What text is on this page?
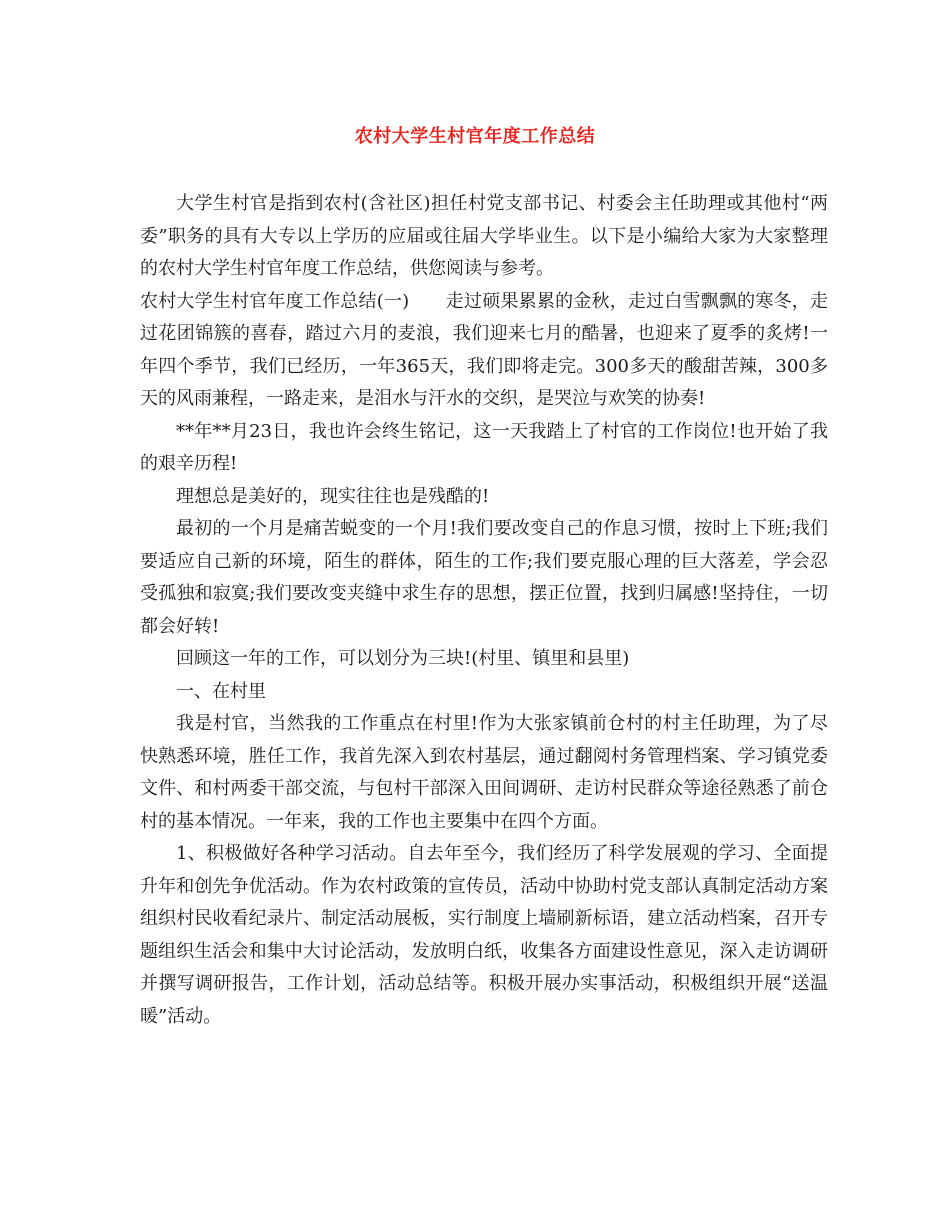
农村大学生村官年度工作总结

大学生村官是指到农村(含社区)担任村党支部书记、村委会主任助理或其他村“两委”职务的具有大专以上学历的应届或往届大学毕业生。以下是小编给大家为大家整理的农村大学生村官年度工作总结，供您阅读与参考。

农村大学生村官年度工作总结(一)　　走过硕果累累的金秋，走过白雪飘飘的寒冬，走过花团锦簇的喜春，踏过六月的麦浪，我们迎来七月的酷暑，也迎来了夏季的炙烤!一年四个季节，我们已经历，一年365天，我们即将走完。300多天的酸甜苦辣，300多天的风雨兼程，一路走来，是泪水与汗水的交织，是哭泣与欢笑的协奏!

**年**月23日，我也许会终生铭记，这一天我踏上了村官的工作岗位!也开始了我的艰辛历程!

理想总是美好的，现实往往也是残酷的!

最初的一个月是痛苦蜕变的一个月!我们要改变自己的作息习惯，按时上下班;我们要适应自己新的环境，陌生的群体，陌生的工作;我们要克服心理的巨大落差，学会忍受孤独和寂寞;我们要改变夹缝中求生存的思想，摆正位置，找到归属感!坚持住，一切都会好转!

回顾这一年的工作，可以划分为三块!(村里、镇里和县里)

一、在村里

我是村官，当然我的工作重点在村里!作为大张家镇前仓村的村主任助理，为了尽快熟悉环境，胜任工作，我首先深入到农村基层，通过翻阅村务管理档案、学习镇党委文件、和村两委干部交流，与包村干部深入田间调研、走访村民群众等途径熟悉了前仓村的基本情况。一年来，我的工作也主要集中在四个方面。

1、积极做好各种学习活动。自去年至今，我们经历了科学发展观的学习、全面提升年和创先争优活动。作为农村政策的宣传员，活动中协助村党支部认真制定活动方案组织村民收看纪录片、制定活动展板，实行制度上墙刷新标语，建立活动档案，召开专题组织生活会和集中大讨论活动，发放明白纸，收集各方面建设性意见，深入走访调研并撰写调研报告，工作计划，活动总结等。积极开展办实事活动，积极组织开展“送温暖”活动。
